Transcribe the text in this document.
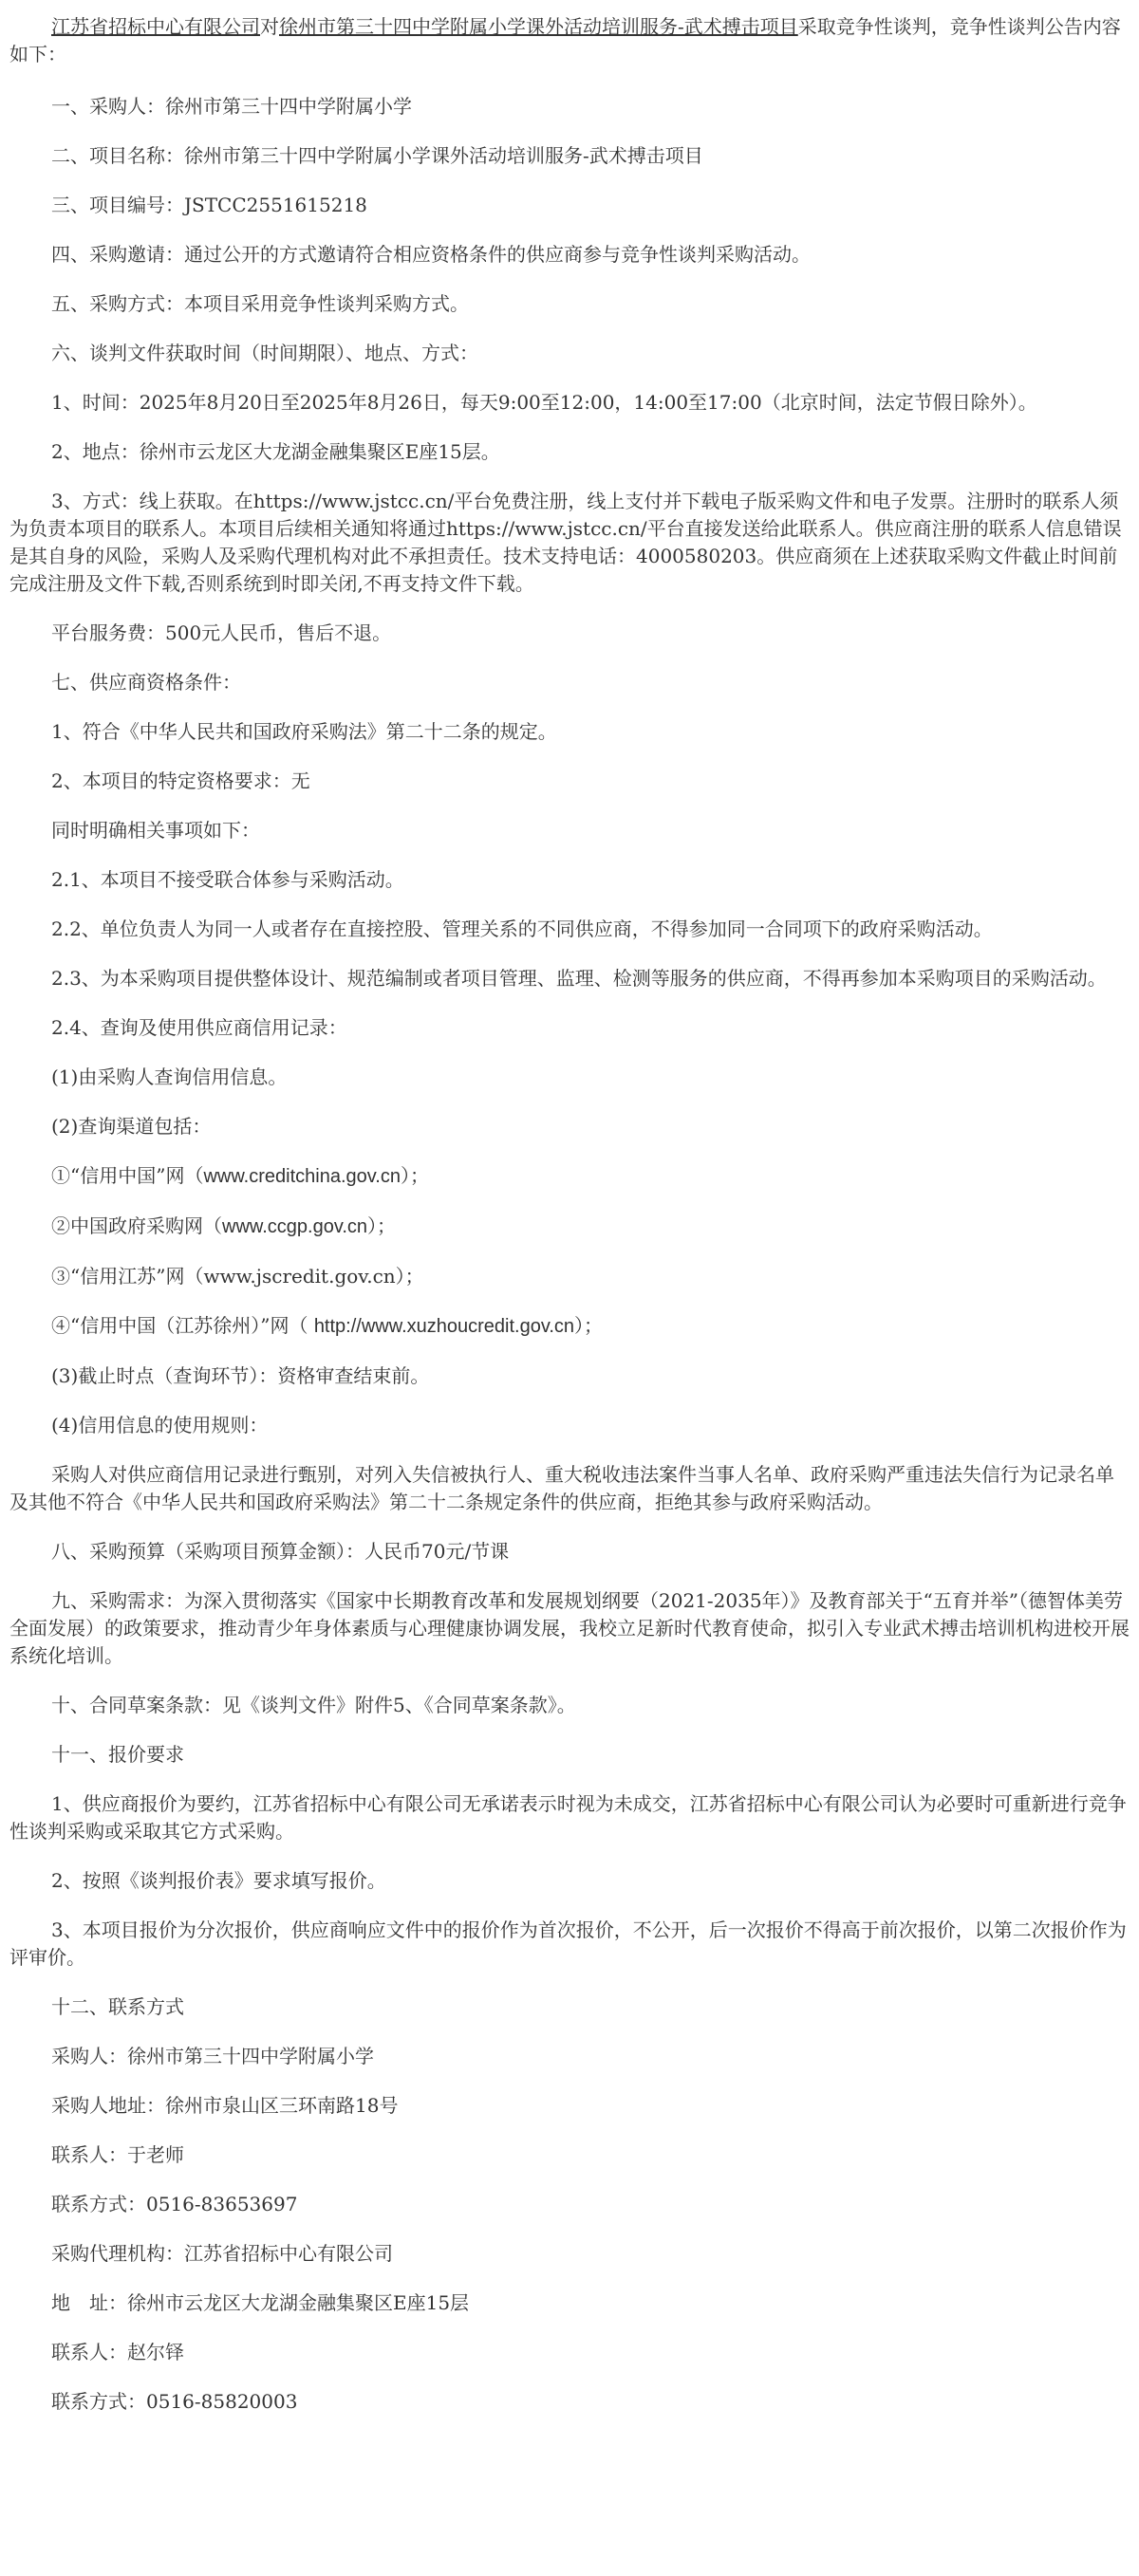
江苏省招标中心有限公司对徐州市第三十四中学附属小学课外活动培训服务-武术搏击项目采取竞争性谈判，竞争性谈判公告内容如下：

一、采购人：徐州市第三十四中学附属小学

二、项目名称：徐州市第三十四中学附属小学课外活动培训服务-武术搏击项目

三、项目编号：JSTCC2551615218

四、采购邀请：通过公开的方式邀请符合相应资格条件的供应商参与竞争性谈判采购活动。

五、采购方式：本项目采用竞争性谈判采购方式。

六、谈判文件获取时间（时间期限）、地点、方式：

1、时间：2025年8月20日至2025年8月26日，每天9:00至12:00，14:00至17:00（北京时间，法定节假日除外）。

2、地点：徐州市云龙区大龙湖金融集聚区E座15层。

3、方式：线上获取。在https://www.jstcc.cn/平台免费注册，线上支付并下载电子版采购文件和电子发票。注册时的联系人须为负责本项目的联系人。本项目后续相关通知将通过https://www.jstcc.cn/平台直接发送给此联系人。供应商注册的联系人信息错误是其自身的风险，采购人及采购代理机构对此不承担责任。技术支持电话：4000580203。供应商须在上述获取采购文件截止时间前完成注册及文件下载,否则系统到时即关闭,不再支持文件下载。

平台服务费：500元人民币，售后不退。

七、供应商资格条件：

1、符合《中华人民共和国政府采购法》第二十二条的规定。

2、本项目的特定资格要求：无

同时明确相关事项如下：

2.1、本项目不接受联合体参与采购活动。

2.2、单位负责人为同一人或者存在直接控股、管理关系的不同供应商，不得参加同一合同项下的政府采购活动。

2.3、为本采购项目提供整体设计、规范编制或者项目管理、监理、检测等服务的供应商，不得再参加本采购项目的采购活动。

2.4、查询及使用供应商信用记录：

(1)由采购人查询信用信息。

(2)查询渠道包括：

①“信用中国”网（www.creditchina.gov.cn）；

②中国政府采购网（www.ccgp.gov.cn）；

③“信用江苏”网（www.jscredit.gov.cn）；

④“信用中国（江苏徐州）”网（ http://www.xuzhoucredit.gov.cn）；

(3)截止时点（查询环节）：资格审查结束前。

(4)信用信息的使用规则：

采购人对供应商信用记录进行甄别，对列入失信被执行人、重大税收违法案件当事人名单、政府采购严重违法失信行为记录名单及其他不符合《中华人民共和国政府采购法》第二十二条规定条件的供应商，拒绝其参与政府采购活动。

八、采购预算（采购项目预算金额）：人民币70元/节课

九、采购需求：为深入贯彻落实《国家中长期教育改革和发展规划纲要（2021-2035年）》及教育部关于“五育并举”（德智体美劳全面发展）的政策要求，推动青少年身体素质与心理健康协调发展，我校立足新时代教育使命，拟引入专业武术搏击培训机构进校开展系统化培训。

十、合同草案条款：见《谈判文件》附件5、《合同草案条款》。

十一、报价要求

1、供应商报价为要约，江苏省招标中心有限公司无承诺表示时视为未成交，江苏省招标中心有限公司认为必要时可重新进行竞争性谈判采购或采取其它方式采购。

2、按照《谈判报价表》要求填写报价。

3、本项目报价为分次报价，供应商响应文件中的报价作为首次报价，不公开，后一次报价不得高于前次报价，以第二次报价作为评审价。

十二、联系方式

采购人：徐州市第三十四中学附属小学

采购人地址：徐州市泉山区三环南路18号

联系人：于老师

联系方式：0516-83653697

采购代理机构：江苏省招标中心有限公司

地　址：徐州市云龙区大龙湖金融集聚区E座15层

联系人：赵尔铎

联系方式：0516-85820003
